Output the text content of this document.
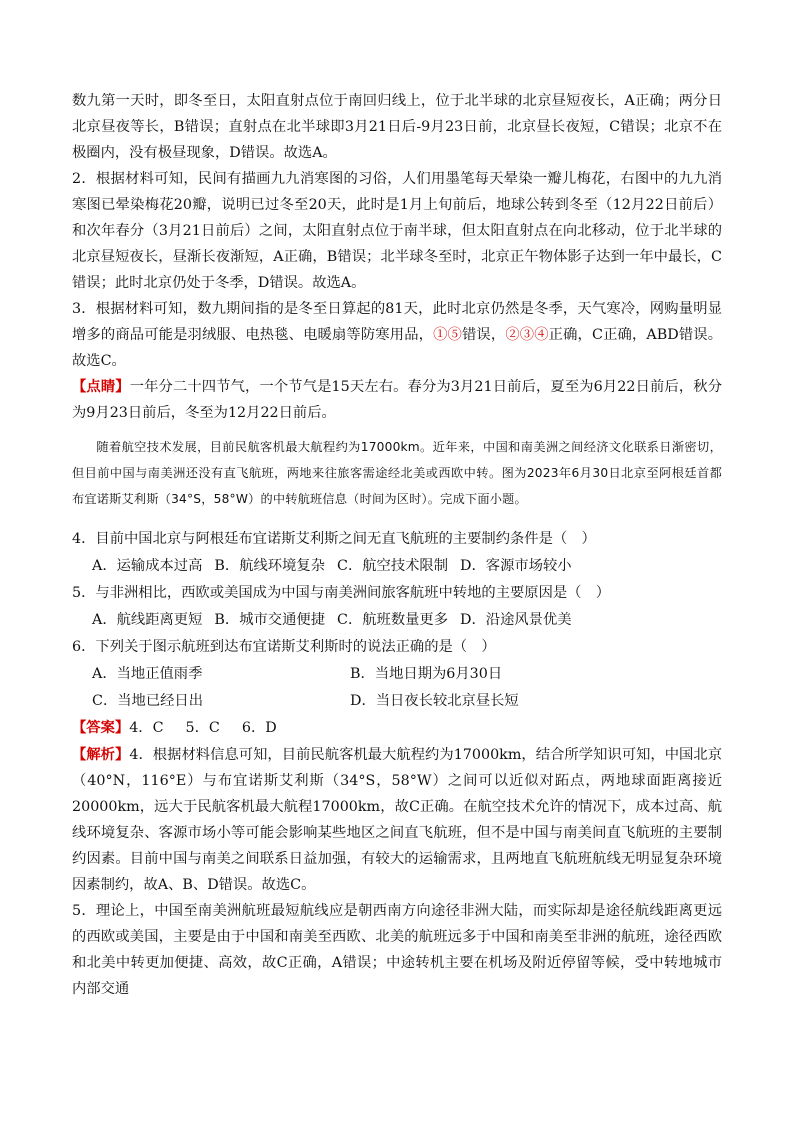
数九第一天时，即冬至日，太阳直射点位于南回归线上，位于北半球的北京昼短夜长，A正确；两分日北京昼夜等长，B错误；直射点在北半球即3月21日后-9月23日前，北京昼长夜短，C错误；北京不在极圈内，没有极昼现象，D错误。故选A。

2．根据材料可知，民间有描画九九消寒图的习俗，人们用墨笔每天晕染一瓣儿梅花，右图中的九九消寒图已晕染梅花20瓣，说明已过冬至20天，此时是1月上旬前后，地球公转到冬至（12月22日前后）和次年春分（3月21日前后）之间，太阳直射点位于南半球，但太阳直射点在向北移动，位于北半球的北京昼短夜长，昼渐长夜渐短，A正确，B错误；北半球冬至时，北京正午物体影子达到一年中最长，C错误；此时北京仍处于冬季，D错误。故选A。

3．根据材料可知，数九期间指的是冬至日算起的81天，此时北京仍然是冬季，天气寒冷，网购量明显增多的商品可能是羽绒服、电热毯、电暖扇等防寒用品，①⑤错误，②③④正确，C正确，ABD错误。故选C。

【点睛】一年分二十四节气，一个节气是15天左右。春分为3月21日前后，夏至为6月22日前后，秋分为9月23日前后，冬至为12月22日前后。

随着航空技术发展，目前民航客机最大航程约为17000km。近年来，中国和南美洲之间经济文化联系日渐密切，但目前中国与南美洲还没有直飞航班，两地来往旅客需途经北美或西欧中转。图为2023年6月30日北京至阿根廷首都布宜诺斯艾利斯（34°S，58°W）的中转航班信息（时间为区时）。完成下面小题。

4．目前中国北京与阿根廷布宜诺斯艾利斯之间无直飞航班的主要制约条件是（　）

A．运输成本过高 B．航线环境复杂 C．航空技术限制 D．客源市场较小

5．与非洲相比，西欧或美国成为中国与南美洲间旅客航班中转地的主要原因是（　）

A．航线距离更短 B．城市交通便捷 C．航班数量更多 D．沿途风景优美

6．下列关于图示航班到达布宜诺斯艾利斯时的说法正确的是（　）

A．当地正值雨季	B．当地日期为6月30日
C．当地已经日出	D．当日夜长较北京昼长短

【答案】4．C 5．C 6．D

【解析】4．根据材料信息可知，目前民航客机最大航程约为17000km，结合所学知识可知，中国北京（40°N，116°E）与布宜诺斯艾利斯（34°S，58°W）之间可以近似对跖点，两地球面距离接近20000km，远大于民航客机最大航程17000km，故C正确。在航空技术允许的情况下，成本过高、航线环境复杂、客源市场小等可能会影响某些地区之间直飞航班，但不是中国与南美间直飞航班的主要制约因素。目前中国与南美之间联系日益加强，有较大的运输需求，且两地直飞航班航线无明显复杂环境因素制约，故A、B、D错误。故选C。

5．理论上，中国至南美洲航班最短航线应是朝西南方向途径非洲大陆，而实际却是途径航线距离更远的西欧或美国，主要是由于中国和南美至西欧、北美的航班远多于中国和南美至非洲的航班，途径西欧和北美中转更加便捷、高效，故C正确，A错误；中途转机主要在机场及附近停留等候，受中转地城市内部交通
